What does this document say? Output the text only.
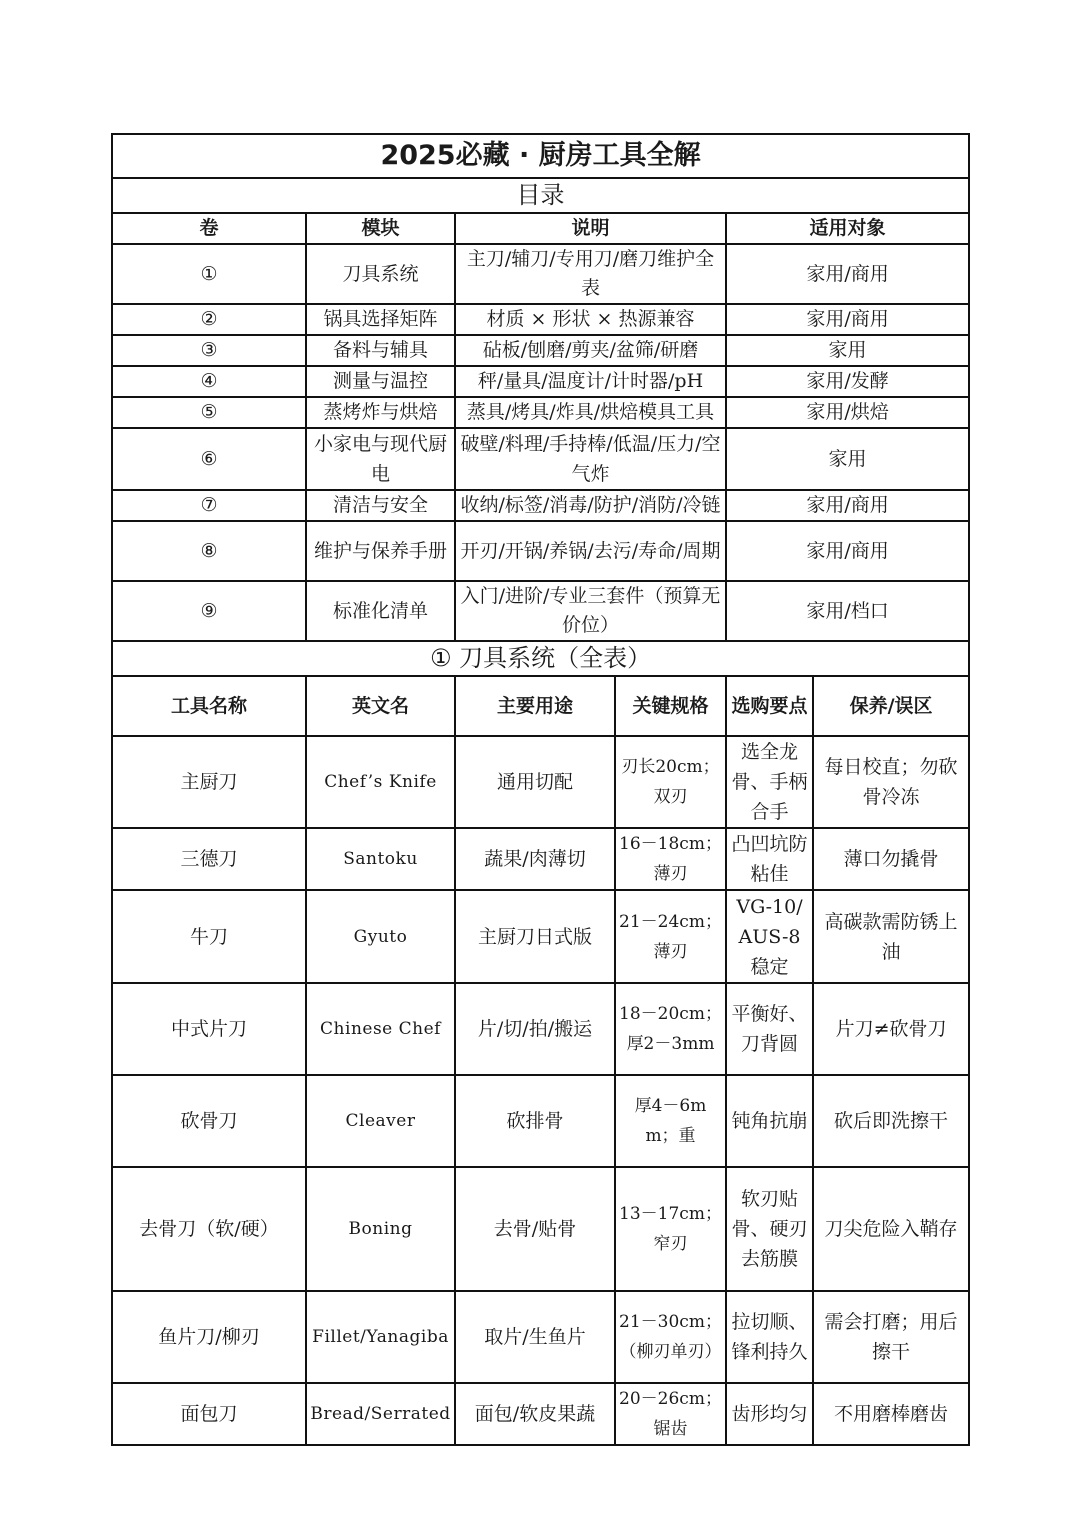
2025必藏 · 厨房工具全解					
目录					
卷	模块	说明		适用对象	
①	刀具系统	主刀/辅刀/专用刀/磨刀维护全表		家用/商用	
②	锅具选择矩阵	材质 × 形状 × 热源兼容		家用/商用	
③	备料与辅具	砧板/刨磨/剪夹/盆筛/研磨		家用	
④	测量与温控	秤/量具/温度计/计时器/pH		家用/发酵	
⑤	蒸烤炸与烘焙	蒸具/烤具/炸具/烘焙模具工具		家用/烘焙	
⑥	小家电与现代厨电	破壁/料理/手持棒/低温/压力/空气炸		家用	
⑦	清洁与安全	收纳/标签/消毒/防护/消防/冷链		家用/商用	
⑧	维护与保养手册	开刃/开锅/养锅/去污/寿命/周期		家用/商用	
⑨	标准化清单	入门/进阶/专业三套件（预算无价位）		家用/档口	
① 刀具系统（全表）					
工具名称	英文名	主要用途	关键规格	选购要点	保养/误区
主厨刀	Chef’s Knife	通用切配	刃长20cm；双刃	选全龙骨、手柄合手	每日校直；勿砍骨冷冻
三德刀	Santoku	蔬果/肉薄切	16－18cm；薄刃	凸凹坑防粘佳	薄口勿撬骨
牛刀	Gyuto	主厨刀日式版	21－24cm；薄刃	VG-10/AUS-8稳定	高碳款需防锈上油
中式片刀	Chinese Chef	片/切/拍/搬运	18－20cm；厚2－3mm	平衡好、刀背圆	片刀≠砍骨刀
砍骨刀	Cleaver	砍排骨	厚4－6mm；重	钝角抗崩	砍后即洗擦干
去骨刀（软/硬）	Boning	去骨/贴骨	13－17cm；窄刃	软刃贴骨、硬刃去筋膜	刀尖危险入鞘存
鱼片刀/柳刃	Fillet/Yanagiba	取片/生鱼片	21－30cm；（柳刃单刃）	拉切顺、锋利持久	需会打磨；用后擦干
面包刀	Bread/Serrated	面包/软皮果蔬	20－26cm；锯齿	齿形均匀	不用磨棒磨齿
